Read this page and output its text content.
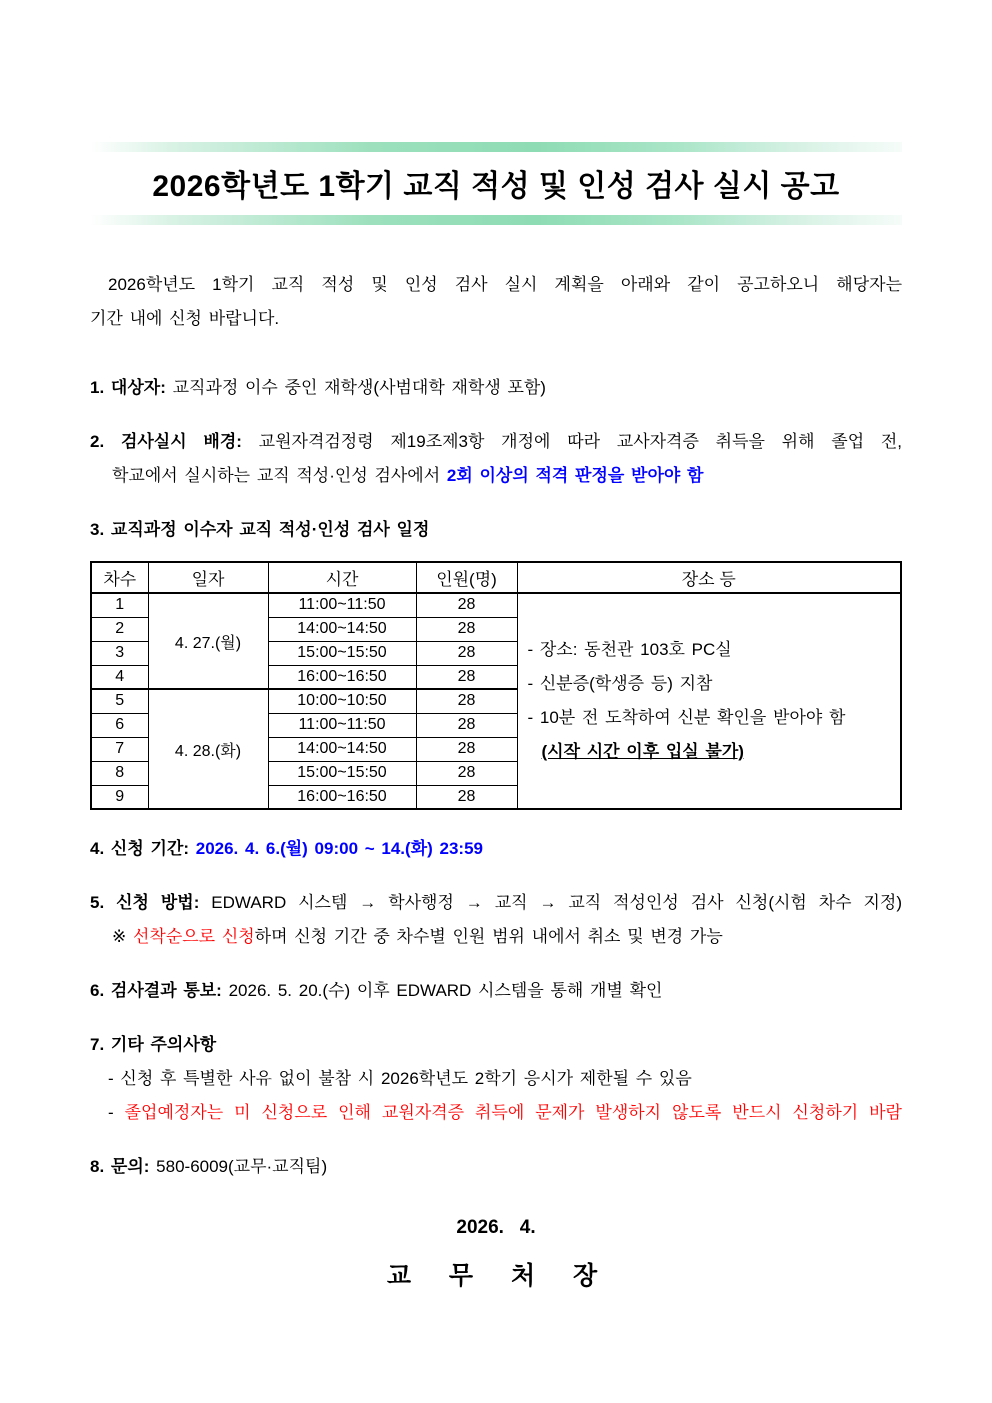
2026학년도 1학기 교직 적성 및 인성 검사 실시 공고
2026학년도 1학기 교직 적성 및 인성 검사 실시 계획을 아래와 같이 공고하오니 해당자는
기간 내에 신청 바랍니다.
1. 대상자: 교직과정 이수 중인 재학생(사범대학 재학생 포함)
2. 검사실시 배경: 교원자격검정령 제19조제3항 개정에 따라 교사자격증 취득을 위해 졸업 전,
학교에서 실시하는 교직 적성·인성 검사에서 2회 이상의 적격 판정을 받아야 함
3. 교직과정 이수자 교직 적성·인성 검사 일정
차수	일자	시간	인원(명)	장소 등
1	4. 27.(월)	11:00~11:50	28	- 장소: 동천관 103호 PC실
- 신분증(학생증 등) 지참
- 10분 전 도착하여 신분 확인을 받아야 함
(시작 시간 이후 입실 불가)

2		14:00~14:50	28	
3		15:00~15:50	28	
4		16:00~16:50	28	
5	4. 28.(화)	10:00~10:50	28	
6		11:00~11:50	28	
7		14:00~14:50	28	
8		15:00~15:50	28	
9		16:00~16:50	28	
4. 신청 기간: 2026. 4. 6.(월) 09:00 ~ 14.(화) 23:59
5. 신청 방법: EDWARD 시스템 → 학사행정 → 교직 → 교직 적성인성 검사 신청(시험 차수 지정)
※ 선착순으로 신청하며 신청 기간 중 차수별 인원 범위 내에서 취소 및 변경 가능
6. 검사결과 통보: 2026. 5. 20.(수) 이후 EDWARD 시스템을 통해 개별 확인
7. 기타 주의사항
- 신청 후 특별한 사유 없이 불참 시 2026학년도 2학기 응시가 제한될 수 있음
- 졸업예정자는 미 신청으로 인해 교원자격증 취득에 문제가 발생하지 않도록 반드시 신청하기 바람
8. 문의: 580-6009(교무·교직팀)
2026.   4.
교  무  처  장
